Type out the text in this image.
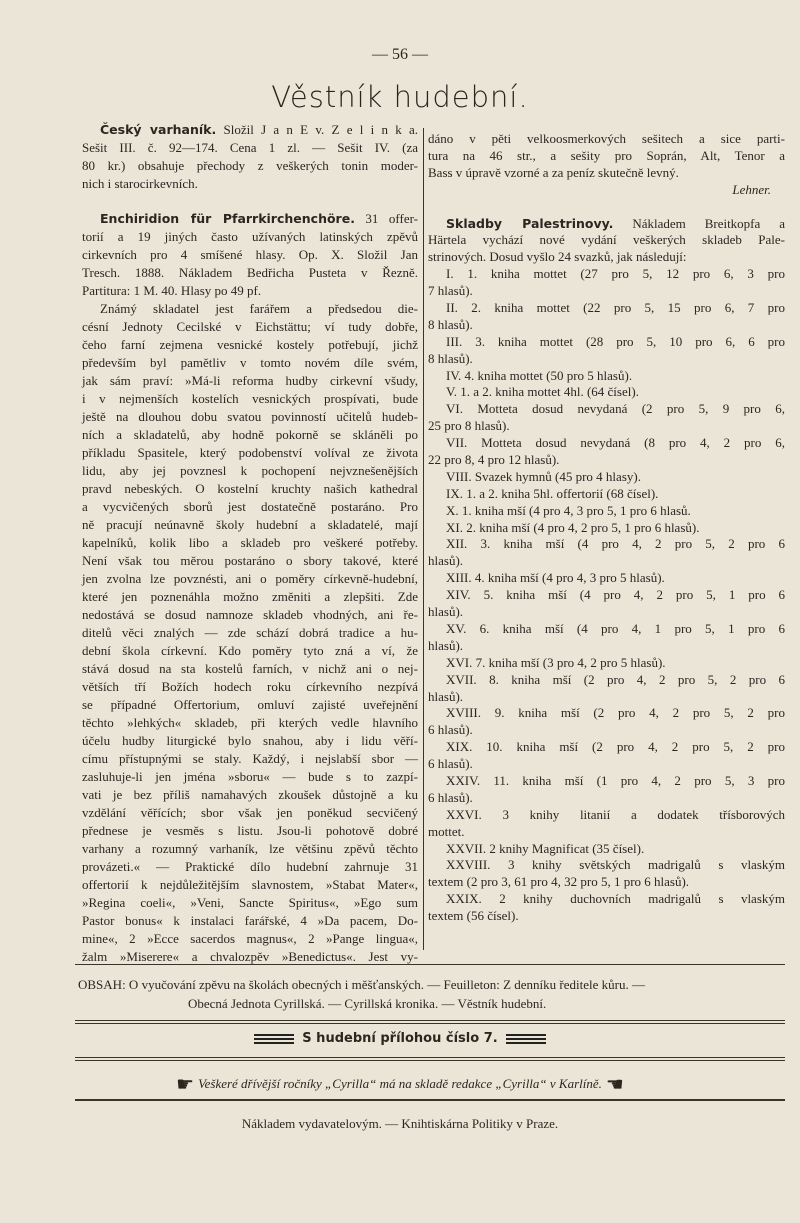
— 56 —
Věstník hudební.
Český varhaník. Složil J a n E v. Z e l i n k a.
Sešit III. č. 92—174. Cena 1 zl. — Sešit IV. (za
80 kr.) obsahuje přechody z veškerých tonin moder-
nich i starocirkevních.
Enchiridion für Pfarrkirchenchöre. 31 offer-
torií a 19 jiných často užívaných latinských zpěvů
cirkevních pro 4 smíšené hlasy. Op. X. Složil Jan
Tresch. 1888. Nákladem Bedřicha Pusteta v Řezně.
Partitura: 1 M. 40. Hlasy po 49 pf.
Známý skladatel jest farářem a předsedou die-
césní Jednoty Cecilské v Eichstättu; ví tudy dobře,
čeho farní zejmena vesnické kostely potřebují, jichž
především byl pamětliv v tomto novém díle svém,
jak sám praví: »Má-li reforma hudby cirkevní všudy,
i v nejmenších kostelích vesnických prospívati, bude
ještě na dlouhou dobu svatou povinností učitelů hudeb-
ních a skladatelů, aby hodně pokorně se skláněli po
příkladu Spasitele, který podobenství volíval ze života
lidu, aby jej povznesl k pochopení nejvznešenějších
pravd nebeských. O kostelní kruchty našich kathedral
a vycvičených sborů jest dostatečně postaráno. Pro
ně pracují neúnavně školy hudební a skladatelé, mají
kapelníků, kolik libo a skladeb pro veškeré potřeby.
Není však tou měrou postaráno o sbory takové, které
jen zvolna lze povznésti, ani o poměry církevně-hudební,
které jen poznenáhla možno změniti a zlepšiti. Zde
nedostává se dosud namnoze skladeb vhodných, ani ře-
ditelů věci znalých — zde schází dobrá tradice a hu-
dební škola církevní. Kdo poměry tyto zná a ví, že
stává dosud na sta kostelů farních, v nichž ani o nej-
větších tří Božích hodech roku církevního nezpívá
se případné Offertorium, omluví zajisté uveřejnění
těchto »lehkých« skladeb, při kterých vedle hlavního
účelu hudby liturgické bylo snahou, aby i lidu věří-
címu přístupnými se staly. Každý, i nejslabší sbor —
zasluhuje-li jen jména »sboru« — bude s to zazpí-
vati je bez příliš namahavých zkoušek důstojně a ku
vzdělání věřících; sbor však jen poněkud secvičený
přednese je vesměs s listu. Jsou-li pohotově dobré
varhany a rozumný varhaník, lze většinu zpěvů těchto
provázeti.« — Praktické dílo hudební zahrnuje 31
offertorií k nejdůležitějším slavnostem, »Stabat Mater«,
»Regina coeli«, »Veni, Sancte Spiritus«, »Ego sum
Pastor bonus« k instalaci farářské, 4 »Da pacem, Do-
mine«, 2 »Ecce sacerdos magnus«, 2 »Pange lingua«,
žalm »Miserere« a chvalozpěv »Benedictus«. Jest vy-
dáno v pěti velkoosmerkových sešitech a sice parti-
tura na 46 str., a sešity pro Soprán, Alt, Tenor a
Bass v úpravě vzorné a za peníz skutečně levný.
Lehner.
Skladby Palestrinovy. Nákladem Breitkopfa a
Härtela vychází nové vydání veškerých skladeb Pale-
strinových. Dosud vyšlo 24 svazků, jak následují:
I. 1. kniha mottet (27 pro 5, 12 pro 6, 3 pro
7 hlasů).
II. 2. kniha mottet (22 pro 5, 15 pro 6, 7 pro
8 hlasů).
III. 3. kniha mottet (28 pro 5, 10 pro 6, 6 pro
8 hlasů).
IV. 4. kniha mottet (50 pro 5 hlasů).
V. 1. a 2. kniha mottet 4hl. (64 čísel).
VI. Motteta dosud nevydaná (2 pro 5, 9 pro 6,
25 pro 8 hlasů).
VII. Motteta dosud nevydaná (8 pro 4, 2 pro 6,
22 pro 8, 4 pro 12 hlasů).
VIII. Svazek hymnů (45 pro 4 hlasy).
IX. 1. a 2. kniha 5hl. offertorií (68 čísel).
X. 1. kniha mší (4 pro 4, 3 pro 5, 1 pro 6 hlasů.
XI. 2. kniha mší (4 pro 4, 2 pro 5, 1 pro 6 hlasů).
XII. 3. kniha mší (4 pro 4, 2 pro 5, 2 pro 6
hlasů).
XIII. 4. kniha mší (4 pro 4, 3 pro 5 hlasů).
XIV. 5. kniha mší (4 pro 4, 2 pro 5, 1 pro 6
hlasů).
XV. 6. kniha mší (4 pro 4, 1 pro 5, 1 pro 6
hlasů).
XVI. 7. kniha mší (3 pro 4, 2 pro 5 hlasů).
XVII. 8. kniha mší (2 pro 4, 2 pro 5, 2 pro 6
hlasů).
XVIII. 9. kniha mší (2 pro 4, 2 pro 5, 2 pro
6 hlasů).
XIX. 10. kniha mší (2 pro 4, 2 pro 5, 2 pro
6 hlasů).
XXIV. 11. kniha mší (1 pro 4, 2 pro 5, 3 pro
6 hlasů).
XXVI. 3 knihy litanií a dodatek třísborových
mottet.
XXVII. 2 knihy Magnificat (35 čísel).
XXVIII. 3 knihy světských madrigalů s vlaským
textem (2 pro 3, 61 pro 4, 32 pro 5, 1 pro 6 hlasů).
XXIX. 2 knihy duchovních madrigalů s vlaským
textem (56 čísel).
OBSAH: O vyučování zpěvu na školách obecných i měšťanských. — Feuilleton: Z denníku ředitele kůru. —
Obecná Jednota Cyrillská. — Cyrillská kronika. — Věstník hudební.
S hudební přílohou číslo 7.
☛ Veškeré dřívější ročníky „Cyrilla“ má na skladě redakce „Cyrilla“ v Karlíně. ☚
Nákladem vydavatelovým. — Knihtiskárna Politiky v Praze.
